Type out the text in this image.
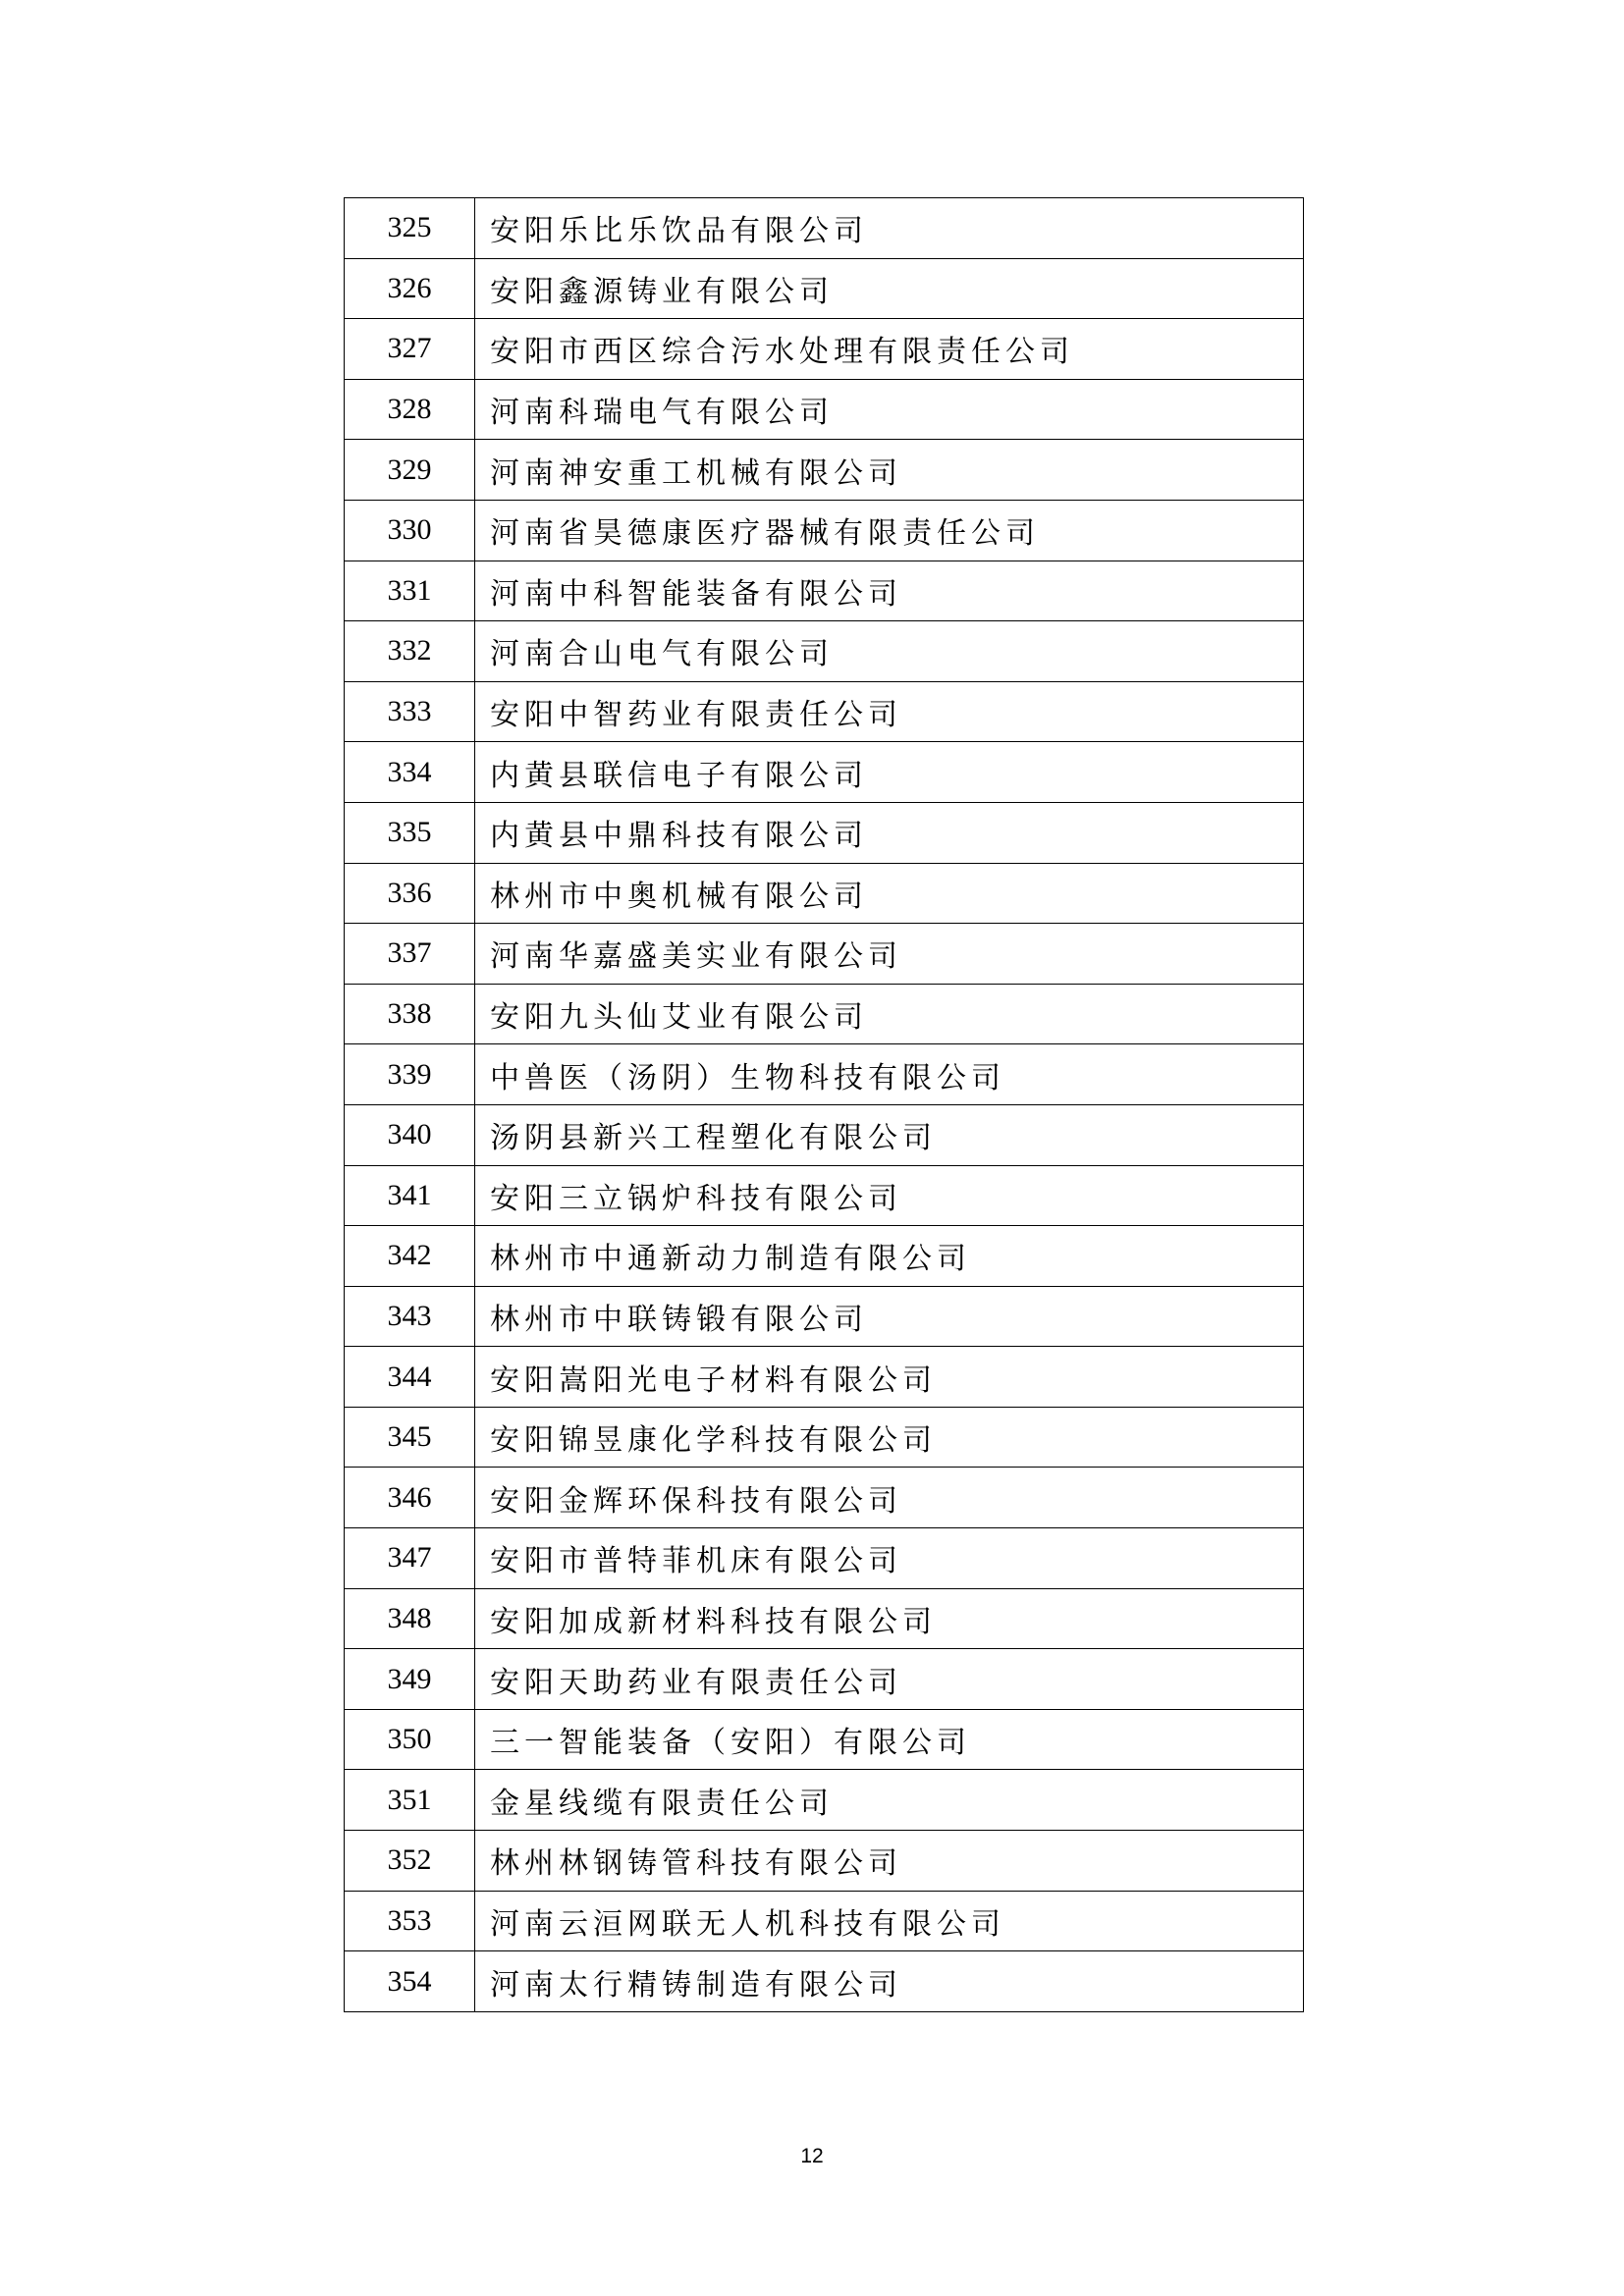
325	安阳乐比乐饮品有限公司
326	安阳鑫源铸业有限公司
327	安阳市西区综合污水处理有限责任公司
328	河南科瑞电气有限公司
329	河南神安重工机械有限公司
330	河南省昊德康医疗器械有限责任公司
331	河南中科智能装备有限公司
332	河南合山电气有限公司
333	安阳中智药业有限责任公司
334	内黄县联信电子有限公司
335	内黄县中鼎科技有限公司
336	林州市中奥机械有限公司
337	河南华嘉盛美实业有限公司
338	安阳九头仙艾业有限公司
339	中兽医（汤阴）生物科技有限公司
340	汤阴县新兴工程塑化有限公司
341	安阳三立锅炉科技有限公司
342	林州市中通新动力制造有限公司
343	林州市中联铸锻有限公司
344	安阳嵩阳光电子材料有限公司
345	安阳锦昱康化学科技有限公司
346	安阳金辉环保科技有限公司
347	安阳市普特菲机床有限公司
348	安阳加成新材料科技有限公司
349	安阳天助药业有限责任公司
350	三一智能装备（安阳）有限公司
351	金星线缆有限责任公司
352	林州林钢铸管科技有限公司
353	河南云洹网联无人机科技有限公司
354	河南太行精铸制造有限公司
12
